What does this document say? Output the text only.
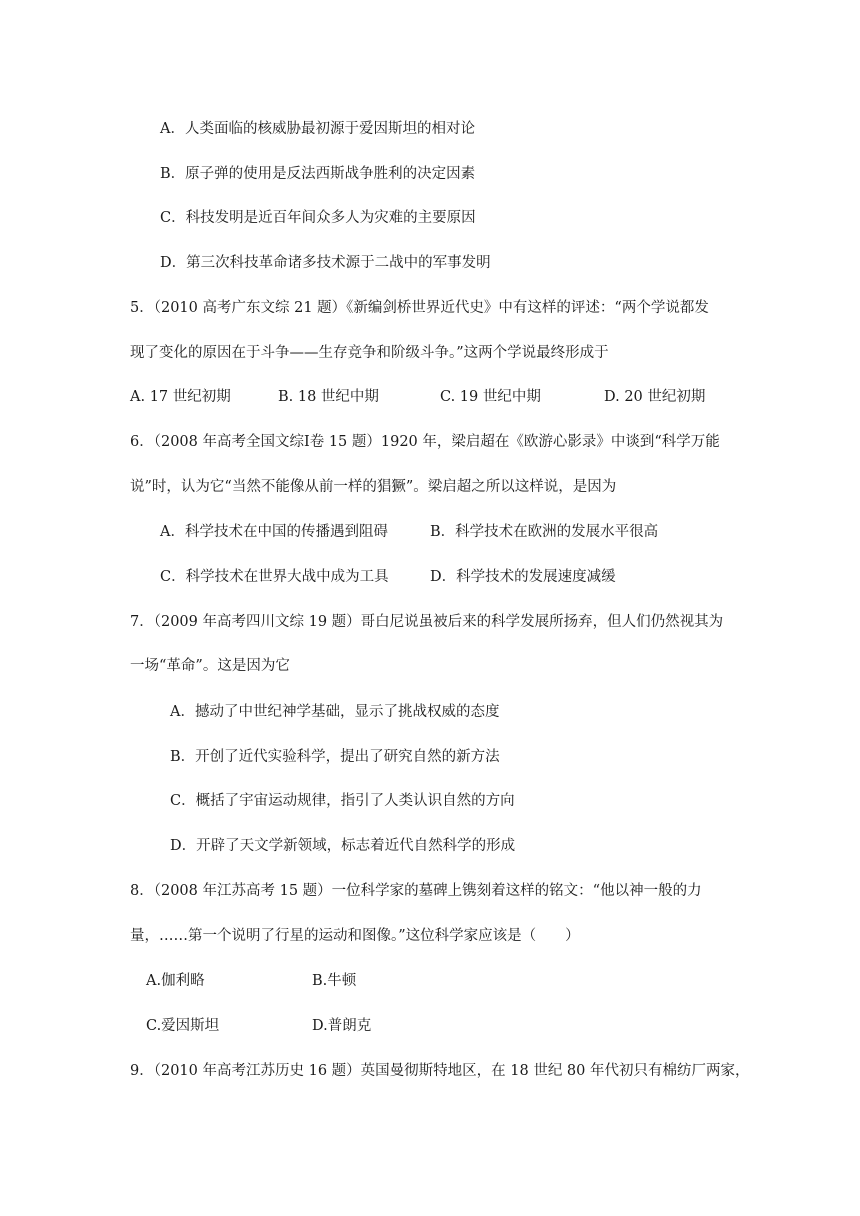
A．人类面临的核威胁最初源于爱因斯坦的相对论
B．原子弹的使用是反法西斯战争胜利的决定因素
C．科技发明是近百年间众多人为灾难的主要原因
D．第三次科技革命诸多技术源于二战中的军事发明
5．（2010 高考广东文综 21 题）《新编剑桥世界近代史》中有这样的评述：“两个学说都发
现了变化的原因在于斗争——生存竞争和阶级斗争。”这两个学说最终形成于
A. 17 世纪初期	B. 18 世纪中期	C. 19 世纪中期	D. 20 世纪初期
6．（2008 年高考全国文综Ⅰ卷 15 题）1920 年，梁启超在《欧游心影录》中谈到“科学万能
说”时，认为它“当然不能像从前一样的猖獗”。梁启超之所以这样说，是因为
A．科学技术在中国的传播遇到阻碍	B．科学技术在欧洲的发展水平很高
C．科学技术在世界大战中成为工具	D．科学技术的发展速度减缓
7．（2009 年高考四川文综 19 题）哥白尼说虽被后来的科学发展所扬弃，但人们仍然视其为
一场“革命”。这是因为它
A．撼动了中世纪神学基础，显示了挑战权威的态度
B．开创了近代实验科学，提出了研究自然的新方法
C．概括了宇宙运动规律，指引了人类认识自然的方向
D．开辟了天文学新领域，标志着近代自然科学的形成
8．（2008 年江苏高考 15 题）一位科学家的墓碑上镌刻着这样的铭文：“他以神一般的力
量，……第一个说明了行星的运动和图像。”这位科学家应该是（　　）
A.伽利略	B.牛顿
C.爱因斯坦	D.普朗克
9．（2010 年高考江苏历史 16 题）英国曼彻斯特地区，在 18 世纪 80 年代初只有棉纺厂两家，
